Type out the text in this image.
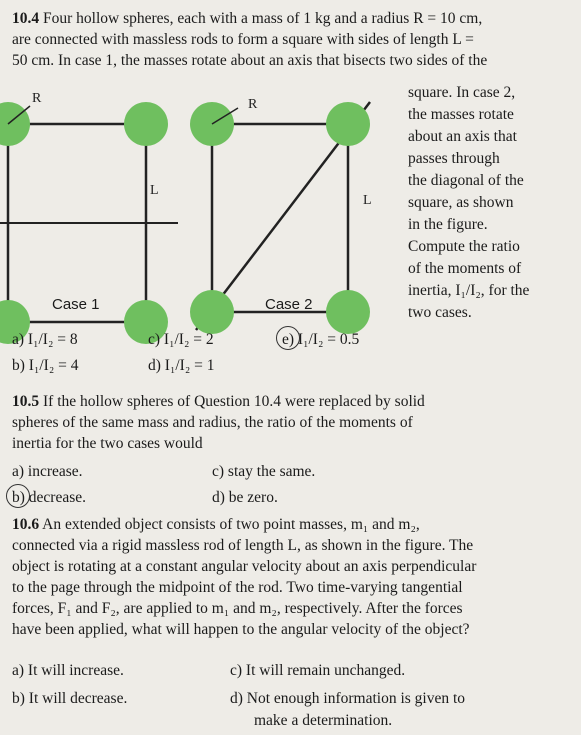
10.4 Four hollow spheres, each with a mass of 1 kg and a radius R = 10 cm,
are connected with massless rods to form a square with sides of length L =
50 cm. In case 1, the masses rotate about an axis that bisects two sides of the
R
L
R
L
Case 1	Case 2
square. In case 2,
the masses rotate
about an axis that
passes through
the diagonal of the
square, as shown
in the figure.
Compute the ratio
of the moments of
inertia, I₁/I₂, for the
two cases.
a) I₁/I₂ = 8	c) I₁/I₂ = 2	e) I₁/I₂ = 0.5
b) I₁/I₂ = 4	d) I₁/I₂ = 1
10.5 If the hollow spheres of Question 10.4 were replaced by solid
spheres of the same mass and radius, the ratio of the moments of
inertia for the two cases would
a) increase.	c) stay the same.
b) decrease.	d) be zero.
10.6 An extended object consists of two point masses, m₁ and m₂,
connected via a rigid massless rod of length L, as shown in the figure. The
object is rotating at a constant angular velocity about an axis perpendicular
to the page through the midpoint of the rod. Two time-varying tangential
forces, F₁ and F₂, are applied to m₁ and m₂, respectively. After the forces
have been applied, what will happen to the angular velocity of the object?
a) It will increase.	c) It will remain unchanged.
b) It will decrease.	d) Not enough information is given to
make a determination.
